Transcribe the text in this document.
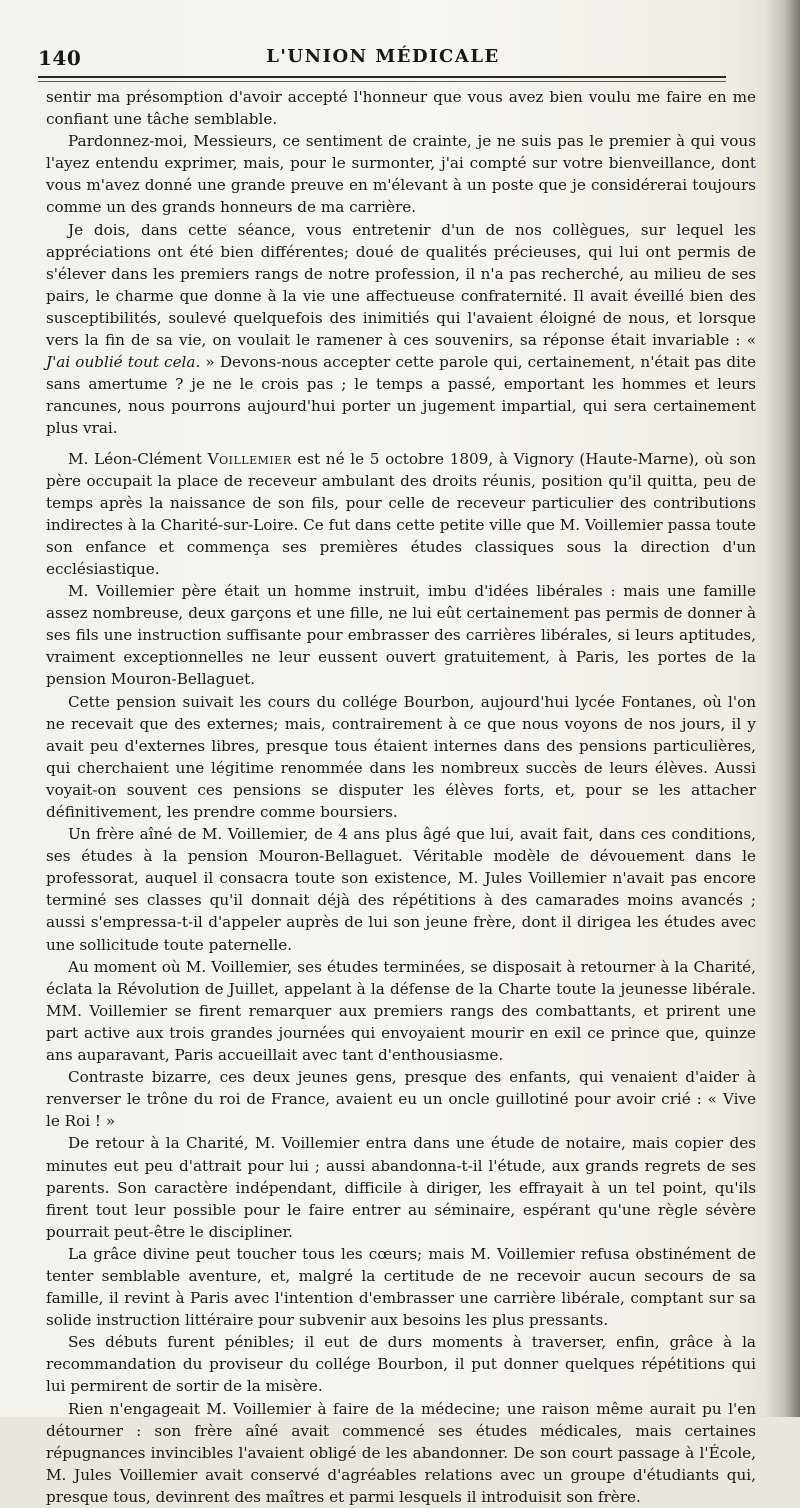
140	L'UNION MÉDICALE

sentir ma présomption d'avoir accepté l'honneur que vous avez bien voulu me faire en me confiant une tâche semblable.

Pardonnez-moi, Messieurs, ce sentiment de crainte, je ne suis pas le premier à qui vous l'ayez entendu exprimer, mais, pour le surmonter, j'ai compté sur votre bienveillance, dont vous m'avez donné une grande preuve en m'élevant à un poste que je considérerai toujours comme un des grands honneurs de ma carrière.

Je dois, dans cette séance, vous entretenir d'un de nos collègues, sur lequel les appréciations ont été bien différentes; doué de qualités précieuses, qui lui ont permis de s'élever dans les premiers rangs de notre profession, il n'a pas recherché, au milieu de ses pairs, le charme que donne à la vie une affectueuse confraternité. Il avait éveillé bien des susceptibilités, soulevé quelquefois des inimitiés qui l'avaient éloigné de nous, et lorsque vers la fin de sa vie, on voulait le ramener à ces souvenirs, sa réponse était invariable : « J'ai oublié tout cela. » Devons-nous accepter cette parole qui, certainement, n'était pas dite sans amertume ? je ne le crois pas ; le temps a passé, emportant les hommes et leurs rancunes, nous pourrons aujourd'hui porter un jugement impartial, qui sera certainement plus vrai.

M. Léon-Clément Voillemier est né le 5 octobre 1809, à Vignory (Haute-Marne), où son père occupait la place de receveur ambulant des droits réunis, position qu'il quitta, peu de temps après la naissance de son fils, pour celle de receveur particulier des contributions indirectes à la Charité-sur-Loire. Ce fut dans cette petite ville que M. Voillemier passa toute son enfance et commença ses premières études classiques sous la direction d'un ecclésiastique.

M. Voillemier père était un homme instruit, imbu d'idées libérales : mais une famille assez nombreuse, deux garçons et une fille, ne lui eût certainement pas permis de donner à ses fils une instruction suffisante pour embrasser des carrières libérales, si leurs aptitudes, vraiment exceptionnelles ne leur eussent ouvert gratuitement, à Paris, les portes de la pension Mouron-Bellaguet.

Cette pension suivait les cours du collége Bourbon, aujourd'hui lycée Fontanes, où l'on ne recevait que des externes; mais, contrairement à ce que nous voyons de nos jours, il y avait peu d'externes libres, presque tous étaient internes dans des pensions particulières, qui cherchaient une légitime renommée dans les nombreux succès de leurs élèves. Aussi voyait-on souvent ces pensions se disputer les élèves forts, et, pour se les attacher définitivement, les prendre comme boursiers.

Un frère aîné de M. Voillemier, de 4 ans plus âgé que lui, avait fait, dans ces conditions, ses études à la pension Mouron-Bellaguet. Véritable modèle de dévouement dans le professorat, auquel il consacra toute son existence, M. Jules Voillemier n'avait pas encore terminé ses classes qu'il donnait déjà des répétitions à des camarades moins avancés ; aussi s'empressa-t-il d'appeler auprès de lui son jeune frère, dont il dirigea les études avec une sollicitude toute paternelle.

Au moment où M. Voillemier, ses études terminées, se disposait à retourner à la Charité, éclata la Révolution de Juillet, appelant à la défense de la Charte toute la jeunesse libérale. MM. Voillemier se firent remarquer aux premiers rangs des combattants, et prirent une part active aux trois grandes journées qui envoyaient mourir en exil ce prince que, quinze ans auparavant, Paris accueillait avec tant d'enthousiasme.

Contraste bizarre, ces deux jeunes gens, presque des enfants, qui venaient d'aider à renverser le trône du roi de France, avaient eu un oncle guillotiné pour avoir crié : « Vive le Roi ! »

De retour à la Charité, M. Voillemier entra dans une étude de notaire, mais copier des minutes eut peu d'attrait pour lui ; aussi abandonna-t-il l'étude, aux grands regrets de ses parents. Son caractère indépendant, difficile à diriger, les effrayait à un tel point, qu'ils firent tout leur possible pour le faire entrer au séminaire, espérant qu'une règle sévère pourrait peut-être le discipliner.

La grâce divine peut toucher tous les cœurs; mais M. Voillemier refusa obstinément de tenter semblable aventure, et, malgré la certitude de ne recevoir aucun secours de sa famille, il revint à Paris avec l'intention d'embrasser une carrière libérale, comptant sur sa solide instruction littéraire pour subvenir aux besoins les plus pressants.

Ses débuts furent pénibles; il eut de durs moments à traverser, enfin, grâce à la recommandation du proviseur du collége Bourbon, il put donner quelques répétitions qui lui permirent de sortir de la misère.

Rien n'engageait M. Voillemier à faire de la médecine; une raison même aurait pu l'en détourner : son frère aîné avait commencé ses études médicales, mais certaines répugnances invincibles l'avaient obligé de les abandonner. De son court passage à l'École, M. Jules Voillemier avait conservé d'agréables relations avec un groupe d'étudiants qui, presque tous, devinrent des maîtres et parmi lesquels il introduisit son frère.
